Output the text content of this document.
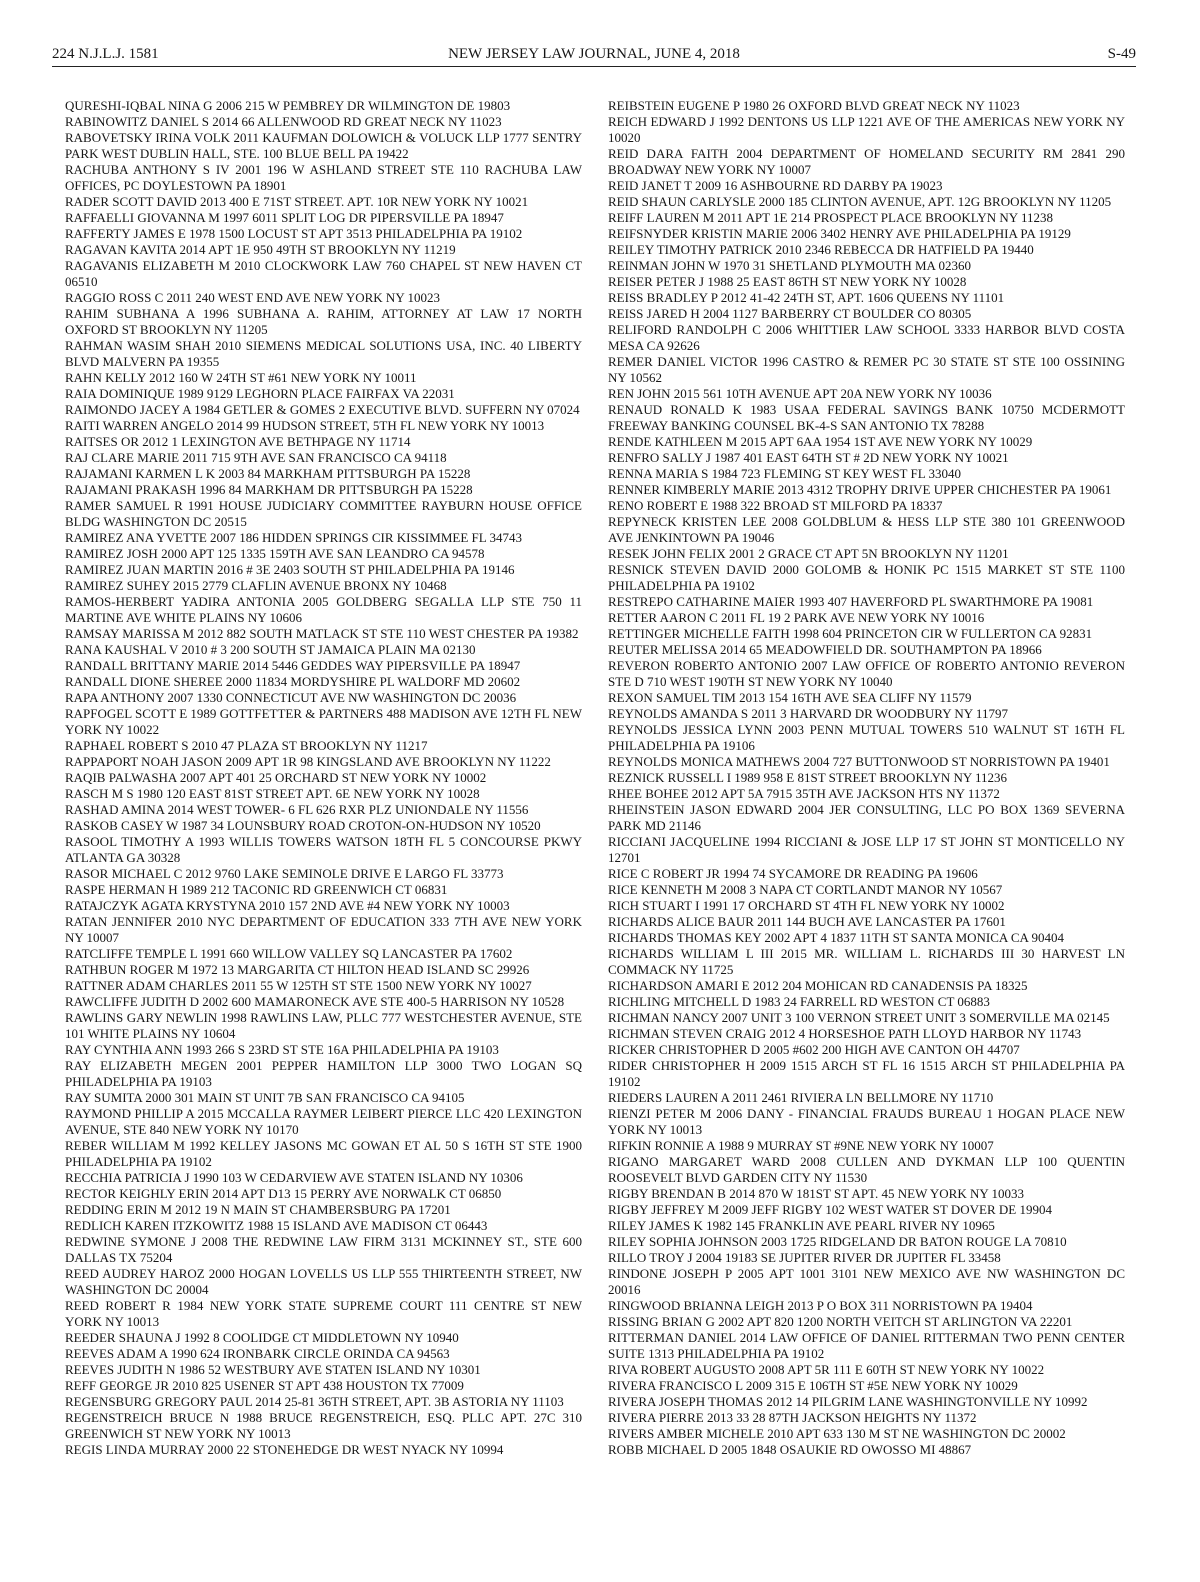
224 N.J.L.J. 1581	NEW JERSEY LAW JOURNAL, JUNE 4, 2018	S-49

QURESHI-IQBAL NINA G 2006 215 W PEMBREY DR WILMINGTON DE 19803

RABINOWITZ DANIEL S 2014 66 ALLENWOOD RD GREAT NECK NY 11023

RABOVETSKY IRINA VOLK 2011 KAUFMAN DOLOWICH & VOLUCK LLP 1777 SENTRY PARK WEST DUBLIN HALL, STE. 100 BLUE BELL PA 19422

RACHUBA ANTHONY S IV 2001 196 W ASHLAND STREET STE 110 RACHUBA LAW OFFICES, PC DOYLESTOWN PA 18901

RADER SCOTT DAVID 2013 400 E 71ST STREET. APT. 10R NEW YORK NY 10021

RAFFAELLI GIOVANNA M 1997 6011 SPLIT LOG DR PIPERSVILLE PA 18947

RAFFERTY JAMES E 1978 1500 LOCUST ST APT 3513 PHILADELPHIA PA 19102

RAGAVAN KAVITA 2014 APT 1E 950 49TH ST BROOKLYN NY 11219

RAGAVANIS ELIZABETH M 2010 CLOCKWORK LAW 760 CHAPEL ST NEW HAVEN CT 06510

RAGGIO ROSS C 2011 240 WEST END AVE NEW YORK NY 10023

RAHIM SUBHANA A 1996 SUBHANA A. RAHIM, ATTORNEY AT LAW 17 NORTH OXFORD ST BROOKLYN NY 11205

RAHMAN WASIM SHAH 2010 SIEMENS MEDICAL SOLUTIONS USA, INC. 40 LIBERTY BLVD MALVERN PA 19355

RAHN KELLY 2012 160 W 24TH ST #61 NEW YORK NY 10011

RAIA DOMINIQUE 1989 9129 LEGHORN PLACE FAIRFAX VA 22031

RAIMONDO JACEY A 1984 GETLER & GOMES 2 EXECUTIVE BLVD. SUFFERN NY 07024

RAITI WARREN ANGELO 2014 99 HUDSON STREET, 5TH FL NEW YORK NY 10013

RAITSES OR 2012 1 LEXINGTON AVE BETHPAGE NY 11714

RAJ CLARE MARIE 2011 715 9TH AVE SAN FRANCISCO CA 94118

RAJAMANI KARMEN L K 2003 84 MARKHAM PITTSBURGH PA 15228

RAJAMANI PRAKASH 1996 84 MARKHAM DR PITTSBURGH PA 15228

RAMER SAMUEL R 1991 HOUSE JUDICIARY COMMITTEE RAYBURN HOUSE OFFICE BLDG WASHINGTON DC 20515

RAMIREZ ANA YVETTE 2007 186 HIDDEN SPRINGS CIR KISSIMMEE FL 34743

RAMIREZ JOSH 2000 APT 125 1335 159TH AVE SAN LEANDRO CA 94578

RAMIREZ JUAN MARTIN 2016 # 3E 2403 SOUTH ST PHILADELPHIA PA 19146

RAMIREZ SUHEY 2015 2779 CLAFLIN AVENUE BRONX NY 10468

RAMOS-HERBERT YADIRA ANTONIA 2005 GOLDBERG SEGALLA LLP STE 750 11 MARTINE AVE WHITE PLAINS NY 10606

RAMSAY MARISSA M 2012 882 SOUTH MATLACK ST STE 110 WEST CHESTER PA 19382

RANA KAUSHAL V 2010 # 3 200 SOUTH ST JAMAICA PLAIN MA 02130

RANDALL BRITTANY MARIE 2014 5446 GEDDES WAY PIPERSVILLE PA 18947

RANDALL DIONE SHEREE 2000 11834 MORDYSHIRE PL WALDORF MD 20602

RAPA ANTHONY 2007 1330 CONNECTICUT AVE NW WASHINGTON DC 20036

RAPFOGEL SCOTT E 1989 GOTTFETTER & PARTNERS 488 MADISON AVE 12TH FL NEW YORK NY 10022

RAPHAEL ROBERT S 2010 47 PLAZA ST BROOKLYN NY 11217

RAPPAPORT NOAH JASON 2009 APT 1R 98 KINGSLAND AVE BROOKLYN NY 11222

RAQIB PALWASHA 2007 APT 401 25 ORCHARD ST NEW YORK NY 10002

RASCH M S 1980 120 EAST 81ST STREET APT. 6E NEW YORK NY 10028

RASHAD AMINA 2014 WEST TOWER- 6 FL 626 RXR PLZ UNIONDALE NY 11556

RASKOB CASEY W 1987 34 LOUNSBURY ROAD CROTON-ON-HUDSON NY 10520

RASOOL TIMOTHY A 1993 WILLIS TOWERS WATSON 18TH FL 5 CONCOURSE PKWY ATLANTA GA 30328

RASOR MICHAEL C 2012 9760 LAKE SEMINOLE DRIVE E LARGO FL 33773

RASPE HERMAN H 1989 212 TACONIC RD GREENWICH CT 06831

RATAJCZYK AGATA KRYSTYNA 2010 157 2ND AVE #4 NEW YORK NY 10003

RATAN JENNIFER 2010 NYC DEPARTMENT OF EDUCATION 333 7TH AVE NEW YORK NY 10007

RATCLIFFE TEMPLE L 1991 660 WILLOW VALLEY SQ LANCASTER PA 17602

RATHBUN ROGER M 1972 13 MARGARITA CT HILTON HEAD ISLAND SC 29926

RATTNER ADAM CHARLES 2011 55 W 125TH ST STE 1500 NEW YORK NY 10027

RAWCLIFFE JUDITH D 2002 600 MAMARONECK AVE STE 400-5 HARRISON NY 10528

RAWLINS GARY NEWLIN 1998 RAWLINS LAW, PLLC 777 WESTCHESTER AVENUE, STE 101 WHITE PLAINS NY 10604

RAY CYNTHIA ANN 1993 266 S 23RD ST STE 16A PHILADELPHIA PA 19103

RAY ELIZABETH MEGEN 2001 PEPPER HAMILTON LLP 3000 TWO LOGAN SQ PHILADELPHIA PA 19103

RAY SUMITA 2000 301 MAIN ST UNIT 7B SAN FRANCISCO CA 94105

RAYMOND PHILLIP A 2015 MCCALLA RAYMER LEIBERT PIERCE LLC 420 LEXINGTON AVENUE, STE 840 NEW YORK NY 10170

REBER WILLIAM M 1992 KELLEY JASONS MC GOWAN ET AL 50 S 16TH ST STE 1900 PHILADELPHIA PA 19102

RECCHIA PATRICIA J 1990 103 W CEDARVIEW AVE STATEN ISLAND NY 10306

RECTOR KEIGHLY ERIN 2014 APT D13 15 PERRY AVE NORWALK CT 06850

REDDING ERIN M 2012 19 N MAIN ST CHAMBERSBURG PA 17201

REDLICH KAREN ITZKOWITZ 1988 15 ISLAND AVE MADISON CT 06443

REDWINE SYMONE J 2008 THE REDWINE LAW FIRM 3131 MCKINNEY ST., STE 600 DALLAS TX 75204

REED AUDREY HAROZ 2000 HOGAN LOVELLS US LLP 555 THIRTEENTH STREET, NW WASHINGTON DC 20004

REED ROBERT R 1984 NEW YORK STATE SUPREME COURT 111 CENTRE ST NEW YORK NY 10013

REEDER SHAUNA J 1992 8 COOLIDGE CT MIDDLETOWN NY 10940

REEVES ADAM A 1990 624 IRONBARK CIRCLE ORINDA CA 94563

REEVES JUDITH N 1986 52 WESTBURY AVE STATEN ISLAND NY 10301

REFF GEORGE JR 2010 825 USENER ST APT 438 HOUSTON TX 77009

REGENSBURG GREGORY PAUL 2014 25-81 36TH STREET, APT. 3B ASTORIA NY 11103

REGENSTREICH BRUCE N 1988 BRUCE REGENSTREICH, ESQ. PLLC APT. 27C 310 GREENWICH ST NEW YORK NY 10013

REGIS LINDA MURRAY 2000 22 STONEHEDGE DR WEST NYACK NY 10994

REIBSTEIN EUGENE P 1980 26 OXFORD BLVD GREAT NECK NY 11023

REICH EDWARD J 1992 DENTONS US LLP 1221 AVE OF THE AMERICAS NEW YORK NY 10020

REID DARA FAITH 2004 DEPARTMENT OF HOMELAND SECURITY RM 2841 290 BROADWAY NEW YORK NY 10007

REID JANET T 2009 16 ASHBOURNE RD DARBY PA 19023

REID SHAUN CARLYSLE 2000 185 CLINTON AVENUE, APT. 12G BROOKLYN NY 11205

REIFF LAUREN M 2011 APT 1E 214 PROSPECT PLACE BROOKLYN NY 11238

REIFSNYDER KRISTIN MARIE 2006 3402 HENRY AVE PHILADELPHIA PA 19129

REILEY TIMOTHY PATRICK 2010 2346 REBECCA DR HATFIELD PA 19440

REINMAN JOHN W 1970 31 SHETLAND PLYMOUTH MA 02360

REISER PETER J 1988 25 EAST 86TH ST NEW YORK NY 10028

REISS BRADLEY P 2012 41-42 24TH ST, APT. 1606 QUEENS NY 11101

REISS JARED H 2004 1127 BARBERRY CT BOULDER CO 80305

RELIFORD RANDOLPH C 2006 WHITTIER LAW SCHOOL 3333 HARBOR BLVD COSTA MESA CA 92626

REMER DANIEL VICTOR 1996 CASTRO & REMER PC 30 STATE ST STE 100 OSSINING NY 10562

REN JOHN 2015 561 10TH AVENUE APT 20A NEW YORK NY 10036

RENAUD RONALD K 1983 USAA FEDERAL SAVINGS BANK 10750 MCDERMOTT FREEWAY BANKING COUNSEL BK-4-S SAN ANTONIO TX 78288

RENDE KATHLEEN M 2015 APT 6AA 1954 1ST AVE NEW YORK NY 10029

RENFRO SALLY J 1987 401 EAST 64TH ST # 2D NEW YORK NY 10021

RENNA MARIA S 1984 723 FLEMING ST KEY WEST FL 33040

RENNER KIMBERLY MARIE 2013 4312 TROPHY DRIVE UPPER CHICHESTER PA 19061

RENO ROBERT E 1988 322 BROAD ST MILFORD PA 18337

REPYNECK KRISTEN LEE 2008 GOLDBLUM & HESS LLP STE 380 101 GREENWOOD AVE JENKINTOWN PA 19046

RESEK JOHN FELIX 2001 2 GRACE CT APT 5N BROOKLYN NY 11201

RESNICK STEVEN DAVID 2000 GOLOMB & HONIK PC 1515 MARKET ST STE 1100 PHILADELPHIA PA 19102

RESTREPO CATHARINE MAIER 1993 407 HAVERFORD PL SWARTHMORE PA 19081

RETTER AARON C 2011 FL 19 2 PARK AVE NEW YORK NY 10016

RETTINGER MICHELLE FAITH 1998 604 PRINCETON CIR W FULLERTON CA 92831

REUTER MELISSA 2014 65 MEADOWFIELD DR. SOUTHAMPTON PA 18966

REVERON ROBERTO ANTONIO 2007 LAW OFFICE OF ROBERTO ANTONIO REVERON STE D 710 WEST 190TH ST NEW YORK NY 10040

REXON SAMUEL TIM 2013 154 16TH AVE SEA CLIFF NY 11579

REYNOLDS AMANDA S 2011 3 HARVARD DR WOODBURY NY 11797

REYNOLDS JESSICA LYNN 2003 PENN MUTUAL TOWERS 510 WALNUT ST 16TH FL PHILADELPHIA PA 19106

REYNOLDS MONICA MATHEWS 2004 727 BUTTONWOOD ST NORRISTOWN PA 19401

REZNICK RUSSELL I 1989 958 E 81ST STREET BROOKLYN NY 11236

RHEE BOHEE 2012 APT 5A 7915 35TH AVE JACKSON HTS NY 11372

RHEINSTEIN JASON EDWARD 2004 JER CONSULTING, LLC PO BOX 1369 SEVERNA PARK MD 21146

RICCIANI JACQUELINE 1994 RICCIANI & JOSE LLP 17 ST JOHN ST MONTICELLO NY 12701

RICE C ROBERT JR 1994 74 SYCAMORE DR READING PA 19606

RICE KENNETH M 2008 3 NAPA CT CORTLANDT MANOR NY 10567

RICH STUART I 1991 17 ORCHARD ST 4TH FL NEW YORK NY 10002

RICHARDS ALICE BAUR 2011 144 BUCH AVE LANCASTER PA 17601

RICHARDS THOMAS KEY 2002 APT 4 1837 11TH ST SANTA MONICA CA 90404

RICHARDS WILLIAM L III 2015 MR. WILLIAM L. RICHARDS III 30 HARVEST LN COMMACK NY 11725

RICHARDSON AMARI E 2012 204 MOHICAN RD CANADENSIS PA 18325

RICHLING MITCHELL D 1983 24 FARRELL RD WESTON CT 06883

RICHMAN NANCY 2007 UNIT 3 100 VERNON STREET UNIT 3 SOMERVILLE MA 02145

RICHMAN STEVEN CRAIG 2012 4 HORSESHOE PATH LLOYD HARBOR NY 11743

RICKER CHRISTOPHER D 2005 #602 200 HIGH AVE CANTON OH 44707

RIDER CHRISTOPHER H 2009 1515 ARCH ST FL 16 1515 ARCH ST PHILADELPHIA PA 19102

RIEDERS LAUREN A 2011 2461 RIVIERA LN BELLMORE NY 11710

RIENZI PETER M 2006 DANY - FINANCIAL FRAUDS BUREAU 1 HOGAN PLACE NEW YORK NY 10013

RIFKIN RONNIE A 1988 9 MURRAY ST #9NE NEW YORK NY 10007

RIGANO MARGARET WARD 2008 CULLEN AND DYKMAN LLP 100 QUENTIN ROOSEVELT BLVD GARDEN CITY NY 11530

RIGBY BRENDAN B 2014 870 W 181ST ST APT. 45 NEW YORK NY 10033

RIGBY JEFFREY M 2009 JEFF RIGBY 102 WEST WATER ST DOVER DE 19904

RILEY JAMES K 1982 145 FRANKLIN AVE PEARL RIVER NY 10965

RILEY SOPHIA JOHNSON 2003 1725 RIDGELAND DR BATON ROUGE LA 70810

RILLO TROY J 2004 19183 SE JUPITER RIVER DR JUPITER FL 33458

RINDONE JOSEPH P 2005 APT 1001 3101 NEW MEXICO AVE NW WASHINGTON DC 20016

RINGWOOD BRIANNA LEIGH 2013 P O BOX 311 NORRISTOWN PA 19404

RISSING BRIAN G 2002 APT 820 1200 NORTH VEITCH ST ARLINGTON VA 22201

RITTERMAN DANIEL 2014 LAW OFFICE OF DANIEL RITTERMAN TWO PENN CENTER SUITE 1313 PHILADELPHIA PA 19102

RIVA ROBERT AUGUSTO 2008 APT 5R 111 E 60TH ST NEW YORK NY 10022

RIVERA FRANCISCO L 2009 315 E 106TH ST #5E NEW YORK NY 10029

RIVERA JOSEPH THOMAS 2012 14 PILGRIM LANE WASHINGTONVILLE NY 10992

RIVERA PIERRE 2013 33 28 87TH JACKSON HEIGHTS NY 11372

RIVERS AMBER MICHELE 2010 APT 633 130 M ST NE WASHINGTON DC 20002

ROBB MICHAEL D 2005 1848 OSAUKIE RD OWOSSO MI 48867
